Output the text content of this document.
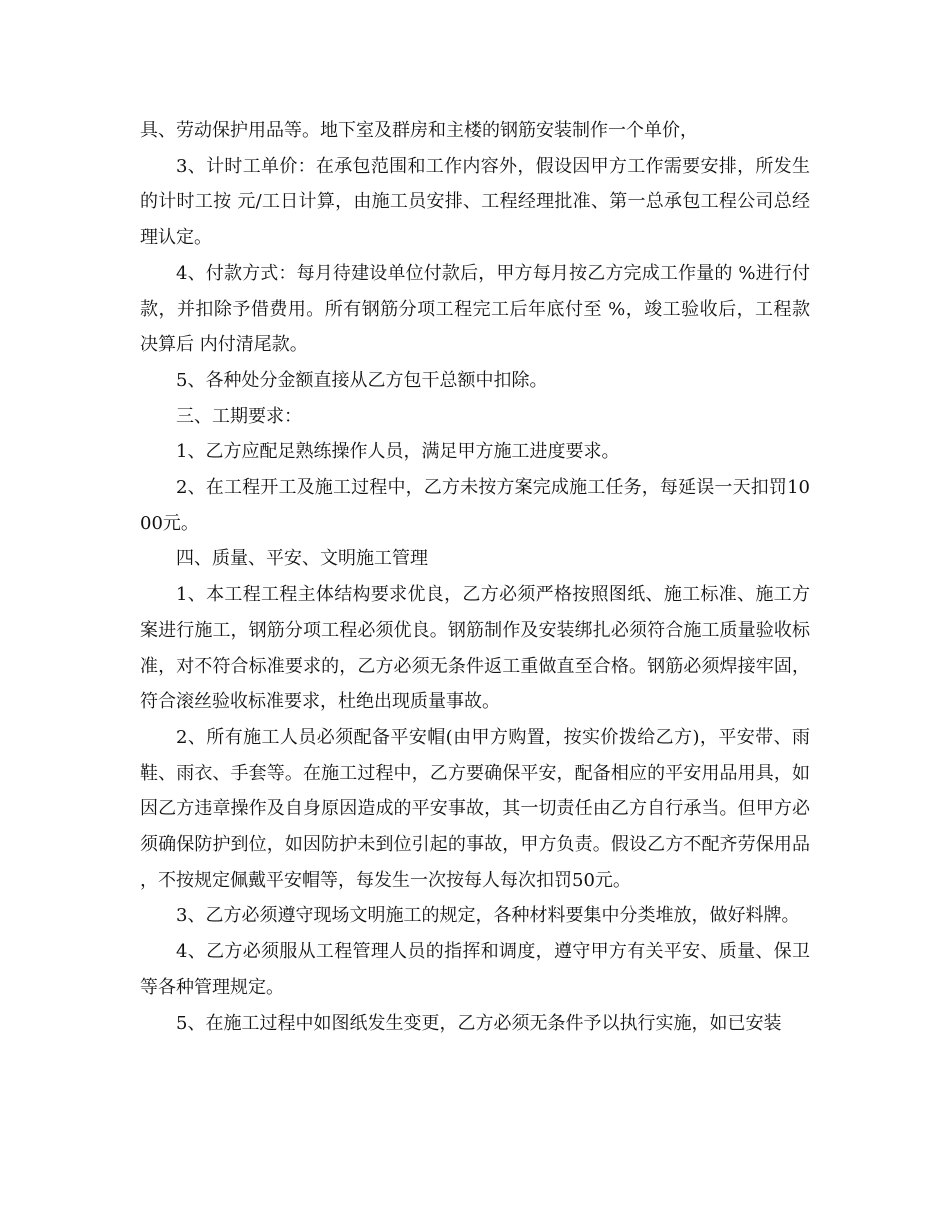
具、劳动保护用品等。地下室及群房和主楼的钢筋安装制作一个单价，

3、计时工单价：在承包范围和工作内容外，假设因甲方工作需要安排，所发生的计时工按 元/工日计算，由施工员安排、工程经理批准、第一总承包工程公司总经理认定。

4、付款方式：每月待建设单位付款后，甲方每月按乙方完成工作量的 %进行付款，并扣除予借费用。所有钢筋分项工程完工后年底付至 %，竣工验收后，工程款决算后 内付清尾款。

5、各种处分金额直接从乙方包干总额中扣除。

三、工期要求：

1、乙方应配足熟练操作人员，满足甲方施工进度要求。

2、在工程开工及施工过程中，乙方未按方案完成施工任务，每延误一天扣罚1000元。

四、质量、平安、文明施工管理

1、本工程工程主体结构要求优良，乙方必须严格按照图纸、施工标准、施工方案进行施工，钢筋分项工程必须优良。钢筋制作及安装绑扎必须符合施工质量验收标准，对不符合标准要求的，乙方必须无条件返工重做直至合格。钢筋必须焊接牢固，符合滚丝验收标准要求，杜绝出现质量事故。

2、所有施工人员必须配备平安帽(由甲方购置，按实价拨给乙方)，平安带、雨鞋、雨衣、手套等。在施工过程中，乙方要确保平安，配备相应的平安用品用具，如因乙方违章操作及自身原因造成的平安事故，其一切责任由乙方自行承当。但甲方必须确保防护到位，如因防护未到位引起的事故，甲方负责。假设乙方不配齐劳保用品，不按规定佩戴平安帽等，每发生一次按每人每次扣罚50元。

3、乙方必须遵守现场文明施工的规定，各种材料要集中分类堆放，做好料牌。

4、乙方必须服从工程管理人员的指挥和调度，遵守甲方有关平安、质量、保卫等各种管理规定。

5、在施工过程中如图纸发生变更，乙方必须无条件予以执行实施，如已安装
